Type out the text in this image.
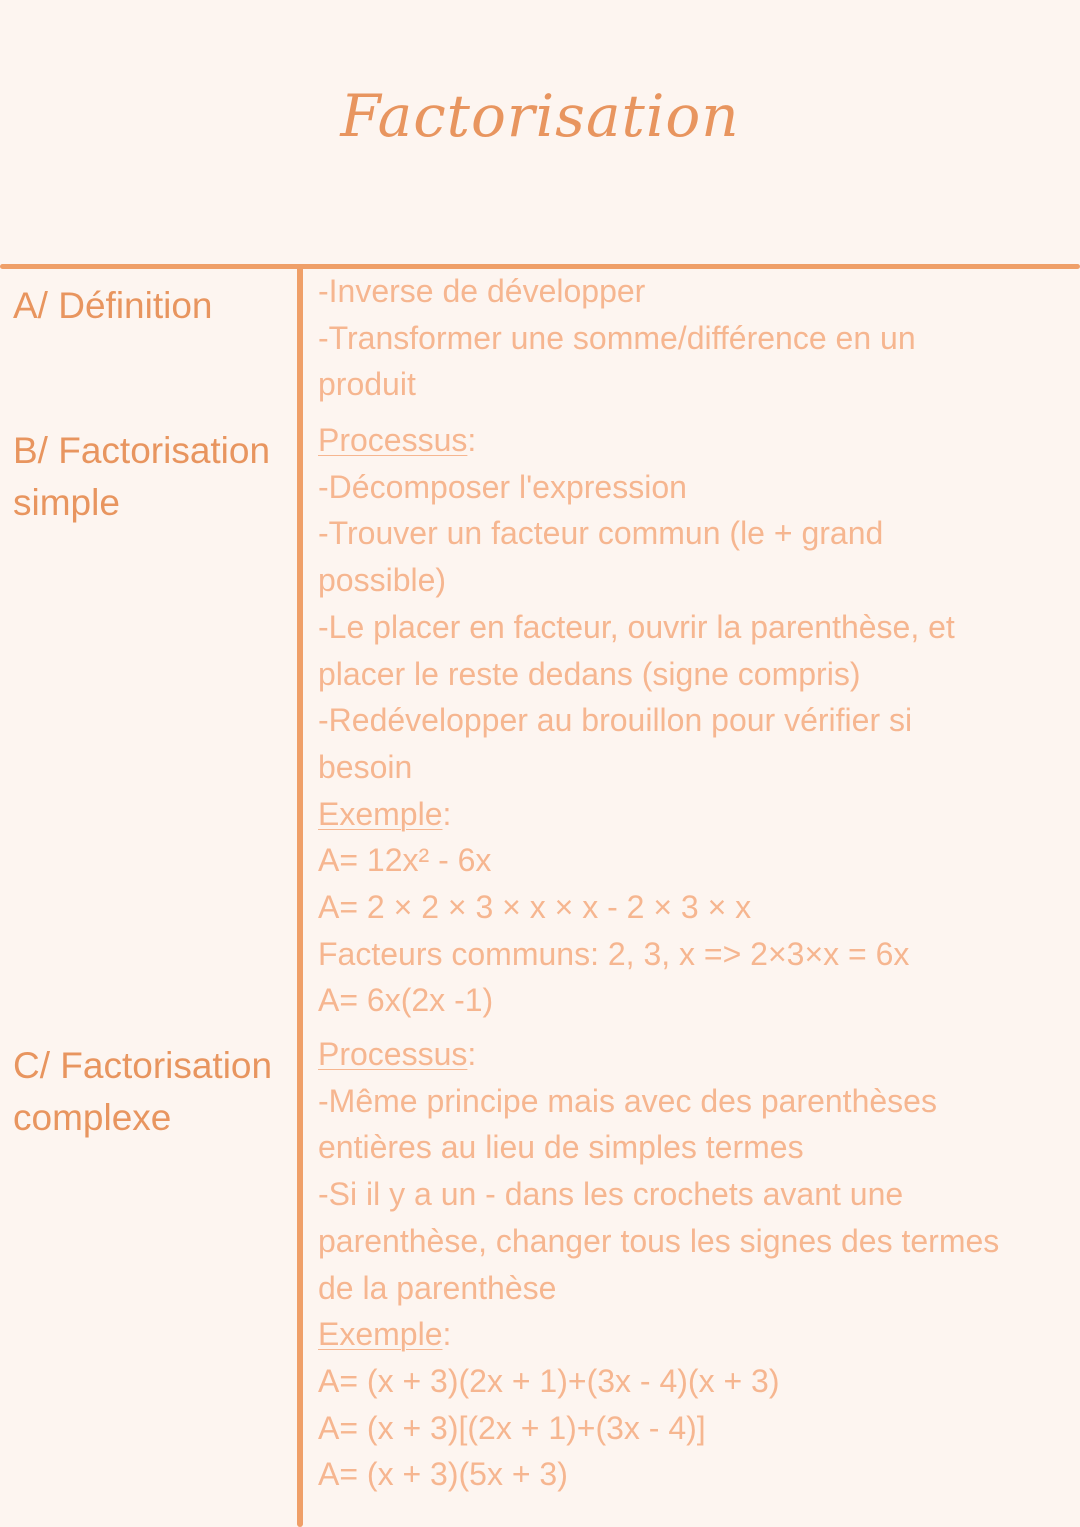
Factorisation
A/ Définition	-Inverse de développer
-Transformer une somme/différence en un
produit
B/ Factorisation
simple
Processus:
-Décomposer l'expression
-Trouver un facteur commun (le + grand
possible)
-Le placer en facteur, ouvrir la parenthèse, et
placer le reste dedans (signe compris)
-Redévelopper au brouillon pour vérifier si
besoin
Exemple:
A= 12x² - 6x
A= 2 × 2 × 3 × x × x - 2 × 3 × x
Facteurs communs: 2, 3, x => 2×3×x = 6x
A= 6x(2x -1)
C/ Factorisation
complexe
Processus:
-Même principe mais avec des parenthèses
entières au lieu de simples termes
-Si il y a un - dans les crochets avant une
parenthèse, changer tous les signes des termes
de la parenthèse
Exemple:
A= (x + 3)(2x + 1)+(3x - 4)(x + 3)
A= (x + 3)[(2x + 1)+(3x - 4)]
A= (x + 3)(5x + 3)
